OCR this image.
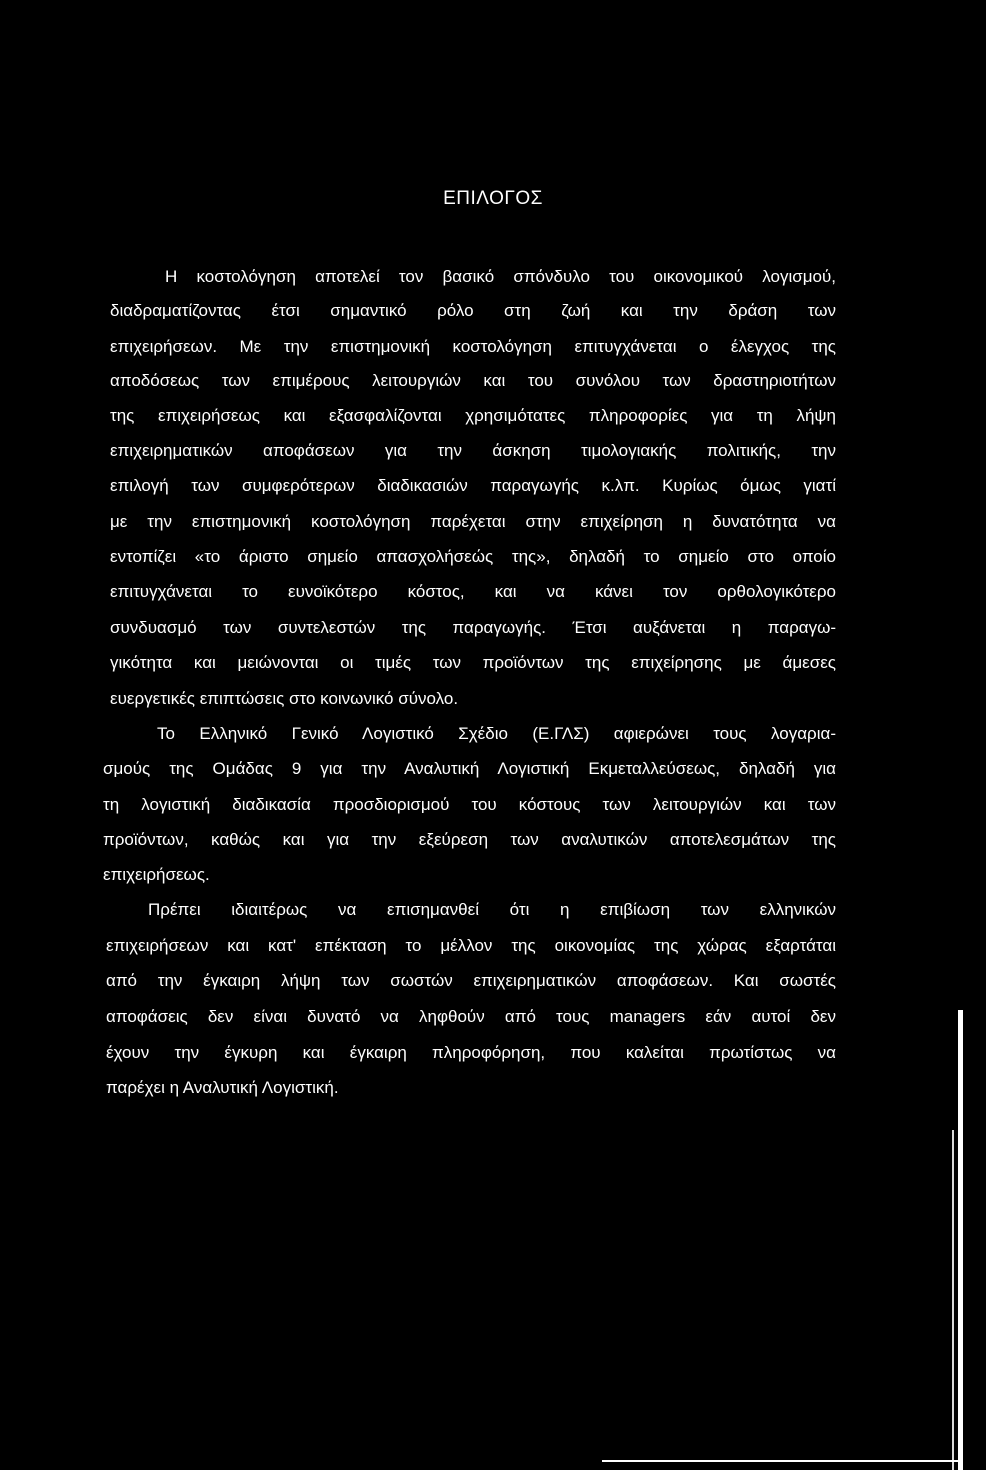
ΕΠΙΛΟΓΟΣ
Η κοστολόγηση αποτελεί τον βασικό σπόνδυλο του οικονομικού λογισμού,
διαδραματίζοντας έτσι σημαντικό ρόλο στη ζωή και την δράση των
επιχειρήσεων. Με την επιστημονική κοστολόγηση επιτυγχάνεται ο έλεγχος της
αποδόσεως των επιμέρους λειτουργιών και του συνόλου των δραστηριοτήτων
της επιχειρήσεως και εξασφαλίζονται χρησιμότατες πληροφορίες για τη λήψη
επιχειρηματικών αποφάσεων για την άσκηση τιμολογιακής πολιτικής, την
επιλογή των συμφερότερων διαδικασιών παραγωγής κ.λπ. Κυρίως όμως γιατί
με την επιστημονική κοστολόγηση παρέχεται στην επιχείρηση η δυνατότητα να
εντοπίζει «το άριστο σημείο απασχολήσεώς της», δηλαδή το σημείο στο οποίο
επιτυγχάνεται το ευνοϊκότερο κόστος, και να κάνει τον ορθολογικότερο
συνδυασμό των συντελεστών της παραγωγής. Έτσι αυξάνεται η παραγω-
γικότητα και μειώνονται οι τιμές των προϊόντων της επιχείρησης με άμεσες
ευεργετικές επιπτώσεις στο κοινωνικό σύνολο.
Το Ελληνικό Γενικό Λογιστικό Σχέδιο (Ε.ΓΛΣ) αφιερώνει τους λογαρια-
σμούς της Ομάδας 9 για την Αναλυτική Λογιστική Εκμεταλλεύσεως, δηλαδή για
τη λογιστική διαδικασία προσδιορισμού του κόστους των λειτουργιών και των
προϊόντων, καθώς και για την εξεύρεση των αναλυτικών αποτελεσμάτων της
επιχειρήσεως.
Πρέπει ιδιαιτέρως να επισημανθεί ότι η επιβίωση των ελληνικών
επιχειρήσεων και κατ' επέκταση το μέλλον της οικονομίας της χώρας εξαρτάται
από την έγκαιρη λήψη των σωστών επιχειρηματικών αποφάσεων. Και σωστές
αποφάσεις δεν είναι δυνατό να ληφθούν από τους managers εάν αυτοί δεν
έχουν την έγκυρη και έγκαιρη πληροφόρηση, που καλείται πρωτίστως να
παρέχει η Αναλυτική Λογιστική.
